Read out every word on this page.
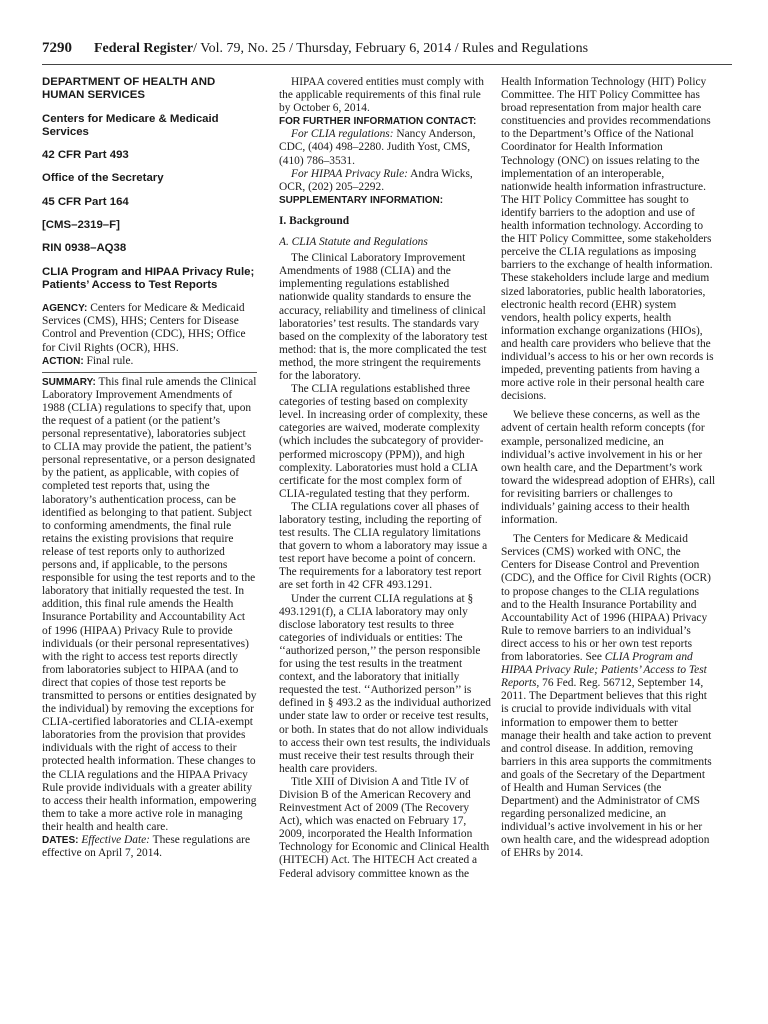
7290 Federal Register/ Vol. 79, No. 25 / Thursday, February 6, 2014 / Rules and Regulations
DEPARTMENT OF HEALTH AND HUMAN SERVICES
Centers for Medicare & Medicaid Services
42 CFR Part 493
Office of the Secretary
45 CFR Part 164
[CMS–2319–F]
RIN 0938–AQ38
CLIA Program and HIPAA Privacy Rule; Patients’ Access to Test Reports

AGENCY: Centers for Medicare & Medicaid Services (CMS), HHS; Centers for Disease Control and Prevention (CDC), HHS; Office for Civil Rights (OCR), HHS.

ACTION: Final rule.

SUMMARY: This final rule amends the Clinical Laboratory Improvement Amendments of 1988 (CLIA) regulations to specify that, upon the request of a patient (or the patient’s personal representative), laboratories subject to CLIA may provide the patient, the patient’s personal representative, or a person designated by the patient, as applicable, with copies of completed test reports that, using the laboratory’s authentication process, can be identified as belonging to that patient. Subject to conforming amendments, the final rule retains the existing provisions that require release of test reports only to authorized persons and, if applicable, to the persons responsible for using the test reports and to the laboratory that initially requested the test. In addition, this final rule amends the Health Insurance Portability and Accountability Act of 1996 (HIPAA) Privacy Rule to provide individuals (or their personal representatives) with the right to access test reports directly from laboratories subject to HIPAA (and to direct that copies of those test reports be transmitted to persons or entities designated by the individual) by removing the exceptions for CLIA-certified laboratories and CLIA-exempt laboratories from the provision that provides individuals with the right of access to their protected health information. These changes to the CLIA regulations and the HIPAA Privacy Rule provide individuals with a greater ability to access their health information, empowering them to take a more active role in managing their health and health care.

DATES: Effective Date: These regulations are effective on April 7, 2014.

HIPAA covered entities must comply with the applicable requirements of this final rule by October 6, 2014.

FOR FURTHER INFORMATION CONTACT:

For CLIA regulations: Nancy Anderson, CDC, (404) 498–2280. Judith Yost, CMS, (410) 786–3531.

For HIPAA Privacy Rule: Andra Wicks, OCR, (202) 205–2292.

SUPPLEMENTARY INFORMATION:
I. Background
A. CLIA Statute and Regulations

The Clinical Laboratory Improvement Amendments of 1988 (CLIA) and the implementing regulations established nationwide quality standards to ensure the accuracy, reliability and timeliness of clinical laboratories’ test results. The standards vary based on the complexity of the laboratory test method: that is, the more complicated the test method, the more stringent the requirements for the laboratory.

The CLIA regulations established three categories of testing based on complexity level. In increasing order of complexity, these categories are waived, moderate complexity (which includes the subcategory of provider-performed microscopy (PPM)), and high complexity. Laboratories must hold a CLIA certificate for the most complex form of CLIA-regulated testing that they perform.

The CLIA regulations cover all phases of laboratory testing, including the reporting of test results. The CLIA regulatory limitations that govern to whom a laboratory may issue a test report have become a point of concern. The requirements for a laboratory test report are set forth in 42 CFR 493.1291.

Under the current CLIA regulations at § 493.1291(f), a CLIA laboratory may only disclose laboratory test results to three categories of individuals or entities: The ‘‘authorized person,’’ the person responsible for using the test results in the treatment context, and the laboratory that initially requested the test. ‘‘Authorized person’’ is defined in § 493.2 as the individual authorized under state law to order or receive test results, or both. In states that do not allow individuals to access their own test results, the individuals must receive their test results through their health care providers.

Title XIII of Division A and Title IV of Division B of the American Recovery and Reinvestment Act of 2009 (The Recovery Act), which was enacted on February 17, 2009, incorporated the Health Information Technology for Economic and Clinical Health (HITECH) Act. The HITECH Act created a Federal advisory committee known as the

Health Information Technology (HIT) Policy Committee. The HIT Policy Committee has broad representation from major health care constituencies and provides recommendations to the Department’s Office of the National Coordinator for Health Information Technology (ONC) on issues relating to the implementation of an interoperable, nationwide health information infrastructure. The HIT Policy Committee has sought to identify barriers to the adoption and use of health information technology. According to the HIT Policy Committee, some stakeholders perceive the CLIA regulations as imposing barriers to the exchange of health information. These stakeholders include large and medium sized laboratories, public health laboratories, electronic health record (EHR) system vendors, health policy experts, health information exchange organizations (HIOs), and health care providers who believe that the individual’s access to his or her own records is impeded, preventing patients from having a more active role in their personal health care decisions.

We believe these concerns, as well as the advent of certain health reform concepts (for example, personalized medicine, an individual’s active involvement in his or her own health care, and the Department’s work toward the widespread adoption of EHRs), call for revisiting barriers or challenges to individuals’ gaining access to their health information.

The Centers for Medicare & Medicaid Services (CMS) worked with ONC, the Centers for Disease Control and Prevention (CDC), and the Office for Civil Rights (OCR) to propose changes to the CLIA regulations and to the Health Insurance Portability and Accountability Act of 1996 (HIPAA) Privacy Rule to remove barriers to an individual’s direct access to his or her own test reports from laboratories. See CLIA Program and HIPAA Privacy Rule; Patients’ Access to Test Reports, 76 Fed. Reg. 56712, September 14, 2011. The Department believes that this right is crucial to provide individuals with vital information to empower them to better manage their health and take action to prevent and control disease. In addition, removing barriers in this area supports the commitments and goals of the Secretary of the Department of Health and Human Services (the Department) and the Administrator of CMS regarding personalized medicine, an individual’s active involvement in his or her own health care, and the widespread adoption of EHRs by 2014.
